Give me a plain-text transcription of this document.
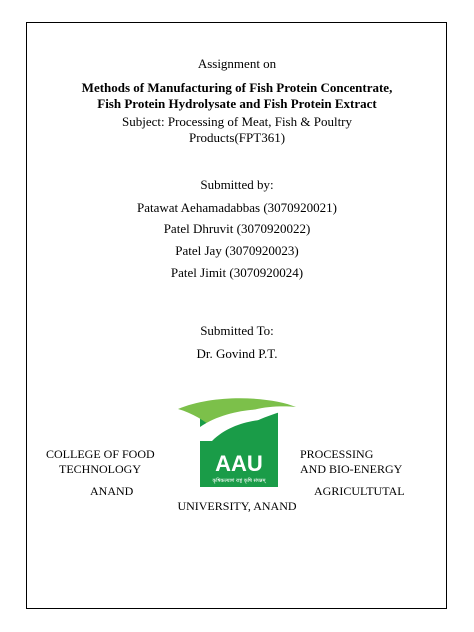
Assignment on
Methods of Manufacturing of Fish Protein Concentrate,
Fish Protein Hydrolysate and Fish Protein Extract
Subject: Processing of Meat, Fish & Poultry
Products(FPT361)
Submitted by:
Patawat Aehamadabbas (3070920021)
Patel Dhruvit (3070920022)
Patel Jay (3070920023)
Patel Jimit (3070920024)
Submitted To:
Dr. Govind P.T.
COLLEGE OF FOOD
TECHNOLOGY
ANAND
PROCESSING
AND BIO-ENERGY
AGRICULTUTAL
UNIVERSITY, ANAND
AAU
कृषिकल्याणं राष्ट्रं कृषि संपन्नम्
